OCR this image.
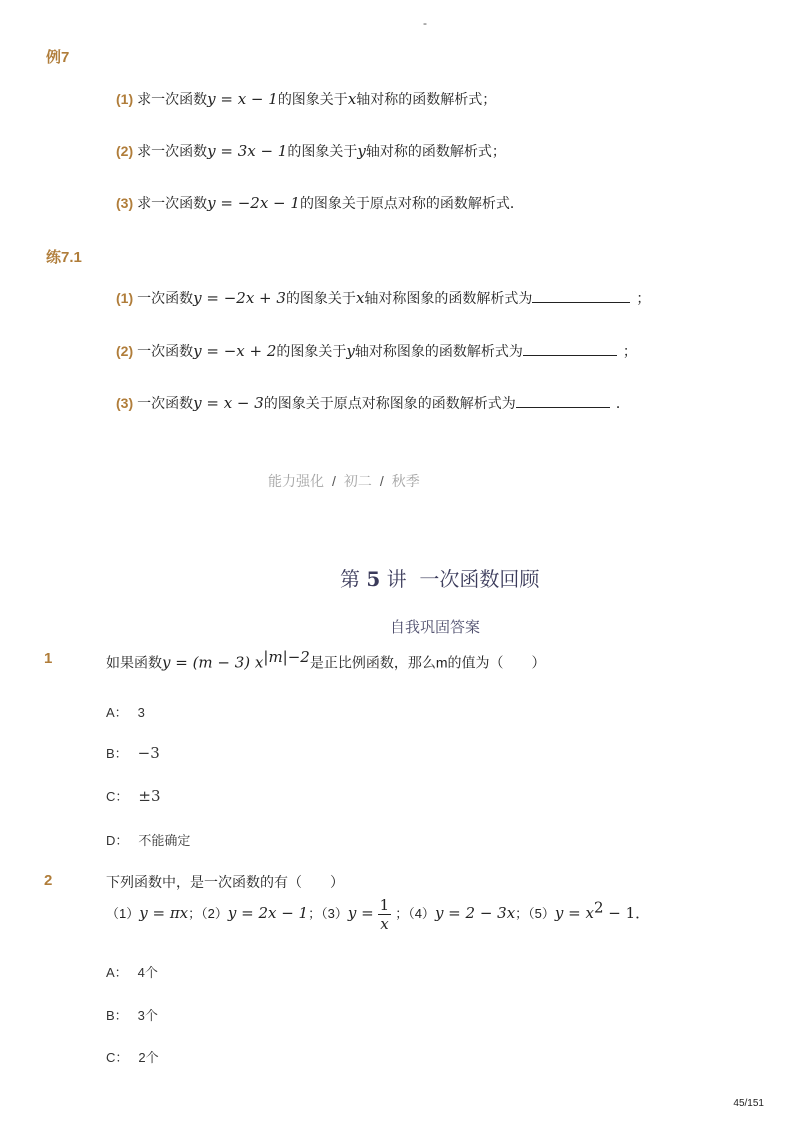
-
例7
(1) 求一次函数y = x − 1的图象关于x轴对称的函数解析式；
(2) 求一次函数y = 3x − 1的图象关于y轴对称的函数解析式；
(3) 求一次函数y = −2x − 1的图象关于原点对称的函数解析式．
练7.1
(1) 一次函数y = −2x + 3的图象关于x轴对称图象的函数解析式为	；
(2) 一次函数y = −x + 2的图象关于y轴对称图象的函数解析式为	；
(3) 一次函数y = x − 3的图象关于原点对称图象的函数解析式为	．
能力强化 / 初二 / 秋季
第 5 讲 一次函数回顾
自我巩固答案
1	如果函数y = (m − 3) $x^{|m|-2}$是正比例函数，那么m的值为（　　）
A： 3
B： −3
C： ±3
D： 不能确定
2	下列函数中，是一次函数的有（　　）
（1）y = πx；（2）y = 2x − 1；$(3)y = \frac{1}{x}$ ；（4）y = 2 − 3x；$(5)y = x^2 - 1$．
A： 4个
B： 3个
C： 2个
45/151
